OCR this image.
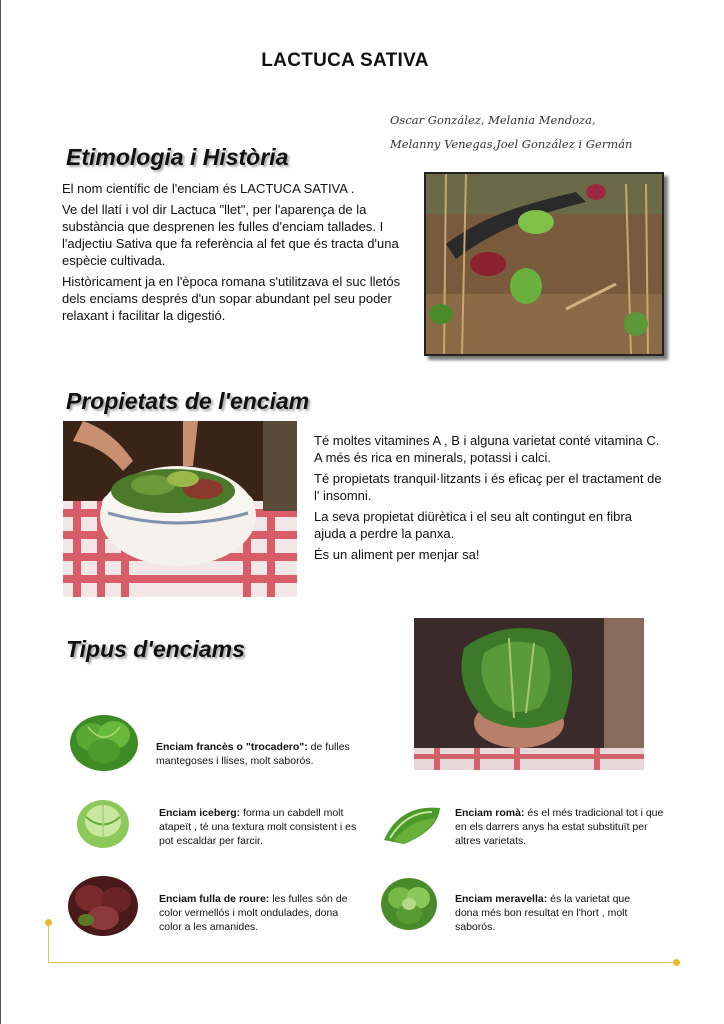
LACTUCA SATIVA
Oscar González, Melania Mendoza,
Melanny Venegas,Joel González i Germán
Etimologia i Història

El nom científic de l'enciam és LACTUCA SATIVA .

Ve del llatí i vol dir Lactuca "llet", per l'aparença de la substància que desprenen les fulles d'enciam tallades. I l'adjectiu Sativa que fa referència al fet que és tracta d'una espècie cultivada.

Històricament ja en l'època romana s'utilitzava el suc lletós dels enciams després d'un sopar abundant pel seu poder relaxant i facilitar la digestió.

Propietats de l'enciam

Té moltes vitamines A , B i alguna varietat conté vitamina C. A més és rica en minerals, potassi i calci.

Té propietats tranquil·litzants i és eficaç per el tractament de l' insomni.

La seva propietat diürètica i el seu alt contingut en fibra ajuda a perdre la panxa.

És un aliment per menjar sa!

Tipus d'enciams
Enciam francès o "trocadero": de fulles mantegoses i llises, molt saborós.
Enciam iceberg: forma un cabdell molt atapeït , té una textura molt consistent i es pot escaldar per farcir.
Enciam fulla de roure: les fulles són de color vermellós i molt ondulades, dona color a les amanides.
Enciam romà: és el més tradicional tot i que en els darrers anys ha estat substituït per altres varietats.
Enciam meravella: és la varietat que dona més bon resultat en l'hort , molt saborós.
